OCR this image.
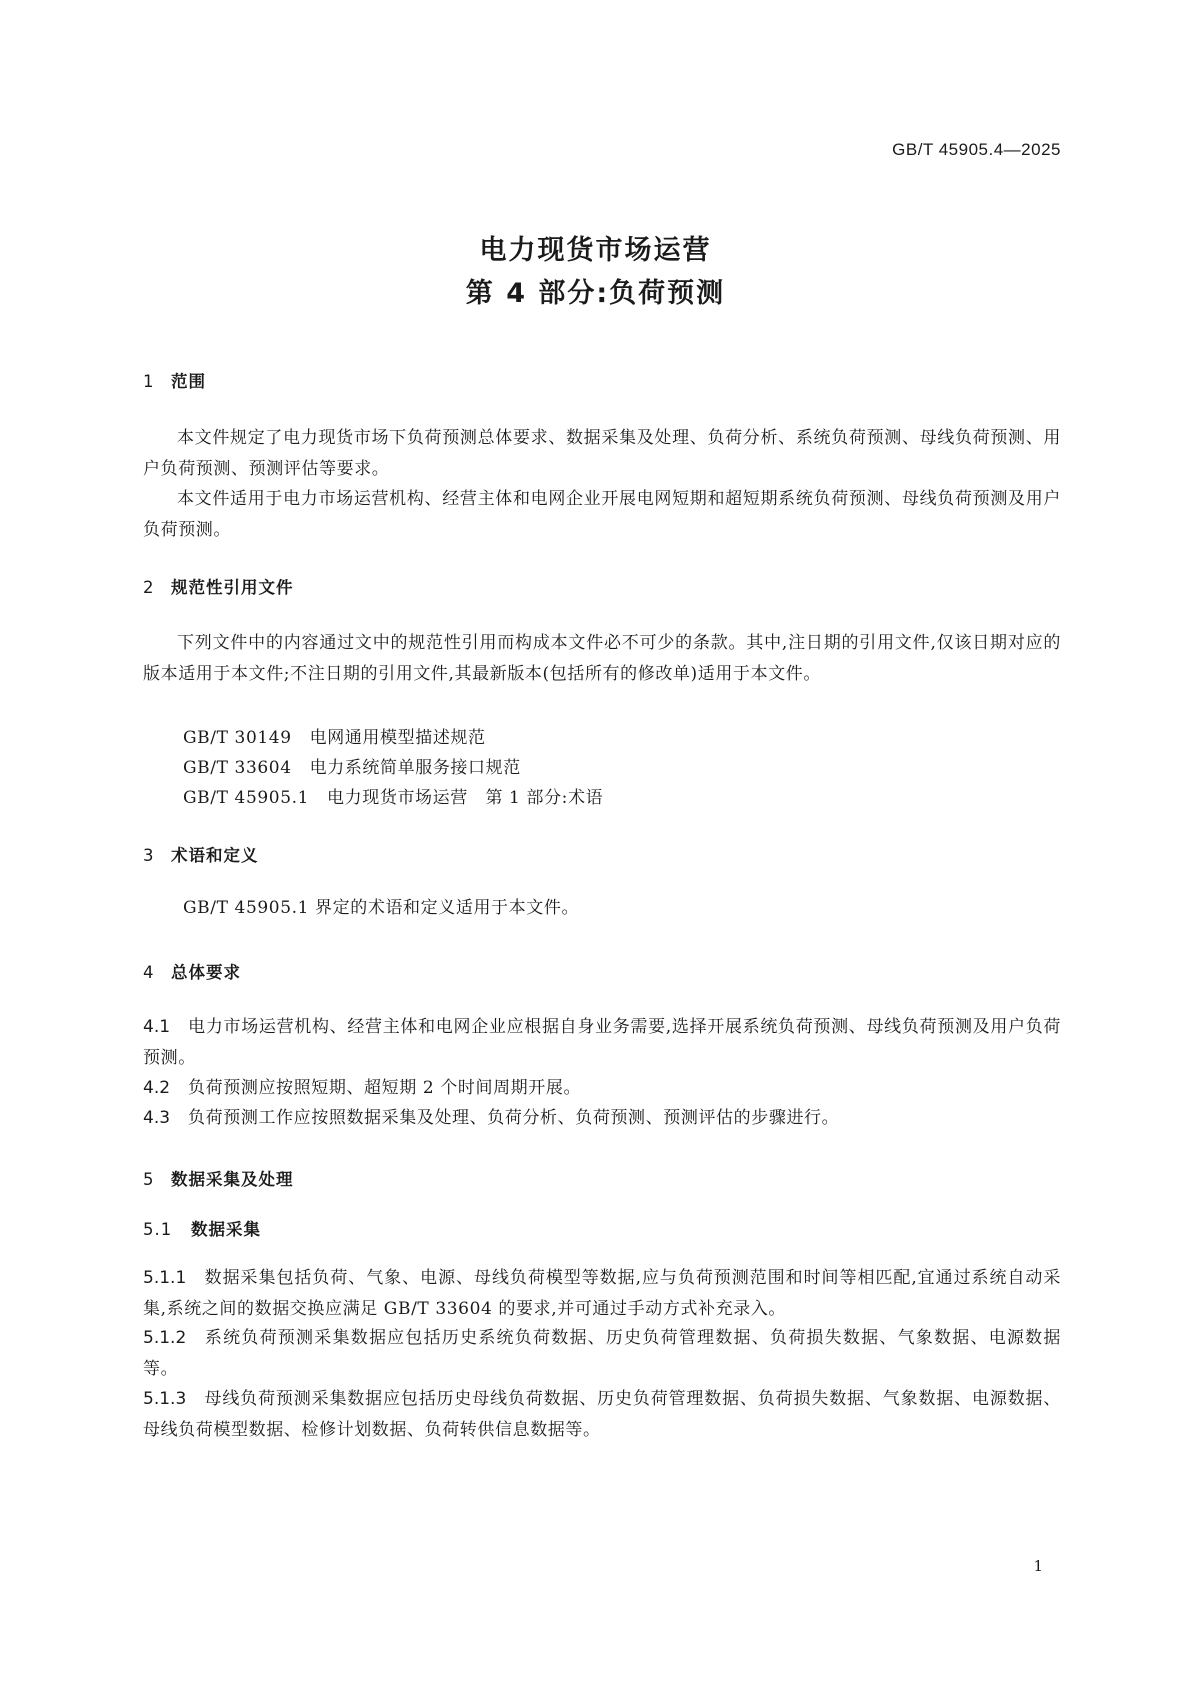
GB/T 45905.4—2025
电力现货市场运营
第 4 部分:负荷预测
1 范围
本文件规定了电力现货市场下负荷预测总体要求、数据采集及处理、负荷分析、系统负荷预测、母线负荷预测、用户负荷预测、预测评估等要求。
本文件适用于电力市场运营机构、经营主体和电网企业开展电网短期和超短期系统负荷预测、母线负荷预测及用户负荷预测。
2 规范性引用文件
下列文件中的内容通过文中的规范性引用而构成本文件必不可少的条款。其中,注日期的引用文件,仅该日期对应的版本适用于本文件;不注日期的引用文件,其最新版本(包括所有的修改单)适用于本文件。
GB/T 30149 电网通用模型描述规范
GB/T 33604 电力系统简单服务接口规范
GB/T 45905.1 电力现货市场运营　第 1 部分:术语
3 术语和定义
GB/T 45905.1 界定的术语和定义适用于本文件。
4 总体要求
4.1 电力市场运营机构、经营主体和电网企业应根据自身业务需要,选择开展系统负荷预测、母线负荷预测及用户负荷预测。
4.2 负荷预测应按照短期、超短期 2 个时间周期开展。
4.3 负荷预测工作应按照数据采集及处理、负荷分析、负荷预测、预测评估的步骤进行。
5 数据采集及处理
5.1 数据采集
5.1.1 数据采集包括负荷、气象、电源、母线负荷模型等数据,应与负荷预测范围和时间等相匹配,宜通过系统自动采集,系统之间的数据交换应满足 GB/T 33604 的要求,并可通过手动方式补充录入。
5.1.2 系统负荷预测采集数据应包括历史系统负荷数据、历史负荷管理数据、负荷损失数据、气象数据、电源数据等。
5.1.3 母线负荷预测采集数据应包括历史母线负荷数据、历史负荷管理数据、负荷损失数据、气象数据、电源数据、母线负荷模型数据、检修计划数据、负荷转供信息数据等。
1
